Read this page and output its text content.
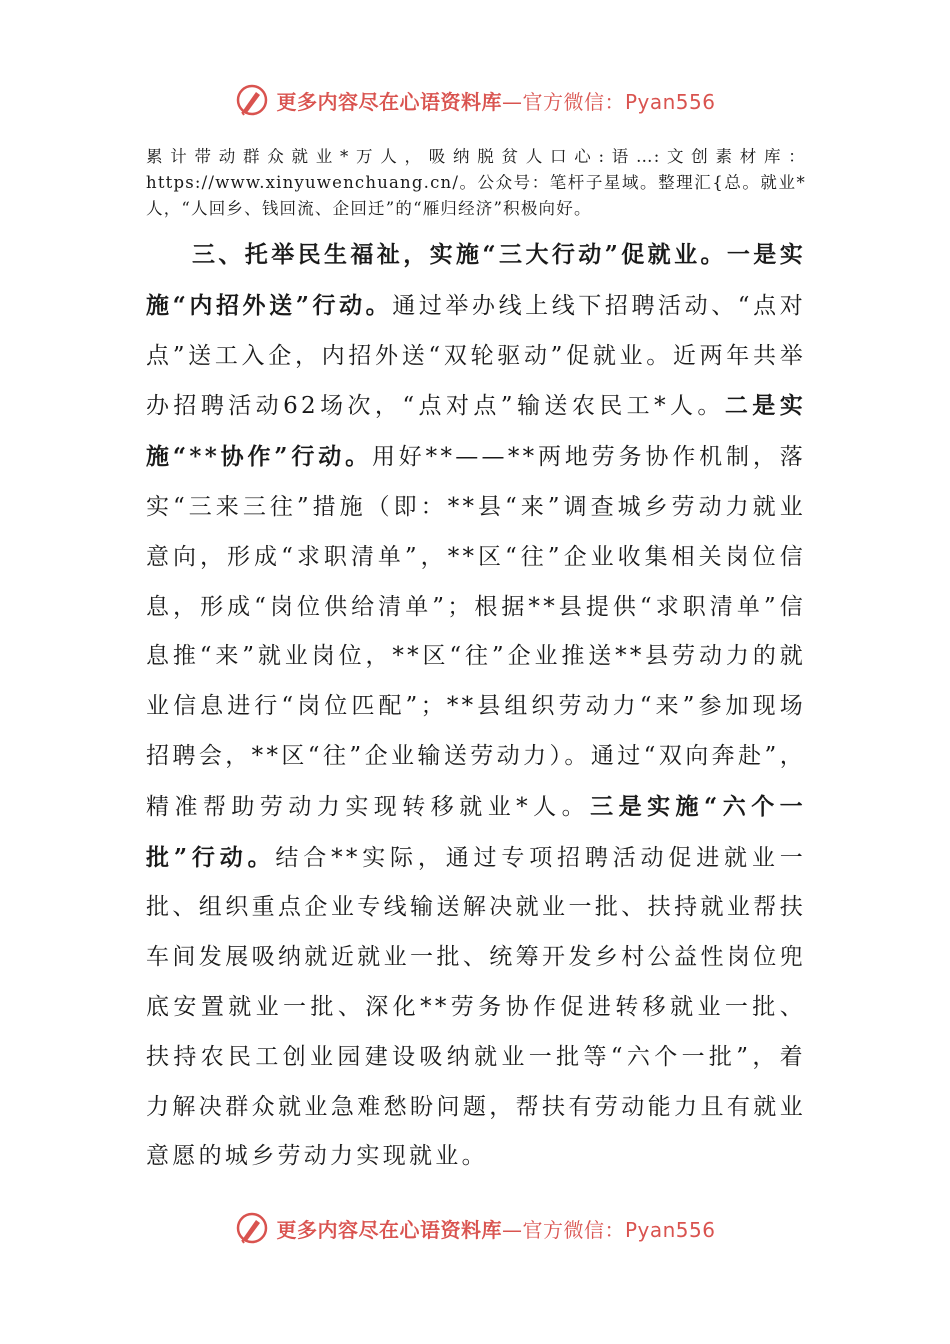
更多内容尽在心语资料库—官方微信：Pyan556

累计带动群众就业*万人，吸纳脱贫人口心:语…:文创素材库：https://www.xinyuwenchuang.cn/。公众号：笔杆子星域。整理汇{总。就业*人，“人回乡、钱回流、企回迁”的“雁归经济”积极向好。

三、托举民生福祉，实施“三大行动”促就业。一是实施“内招外送”行动。通过举办线上线下招聘活动、“点对点”送工入企，内招外送“双轮驱动”促就业。近两年共举办招聘活动62场次，“点对点”输送农民工*人。二是实施“**协作”行动。用好**——**两地劳务协作机制，落实“三来三往”措施（即：**县“来”调查城乡劳动力就业意向，形成“求职清单”，**区“往”企业收集相关岗位信息，形成“岗位供给清单”；根据**县提供“求职清单”信息推“来”就业岗位，**区“往”企业推送**县劳动力的就业信息进行“岗位匹配”；**县组织劳动力“来”参加现场招聘会，**区“往”企业输送劳动力）。通过“双向奔赴”，精准帮助劳动力实现转移就业*人。三是实施“六个一批”行动。结合**实际，通过专项招聘活动促进就业一批、组织重点企业专线输送解决就业一批、扶持就业帮扶车间发展吸纳就近就业一批、统筹开发乡村公益性岗位兜底安置就业一批、深化**劳务协作促进转移就业一批、扶持农民工创业园建设吸纳就业一批等“六个一批”，着力解决群众就业急难愁盼问题，帮扶有劳动能力且有就业意愿的城乡劳动力实现就业。

更多内容尽在心语资料库—官方微信：Pyan556
